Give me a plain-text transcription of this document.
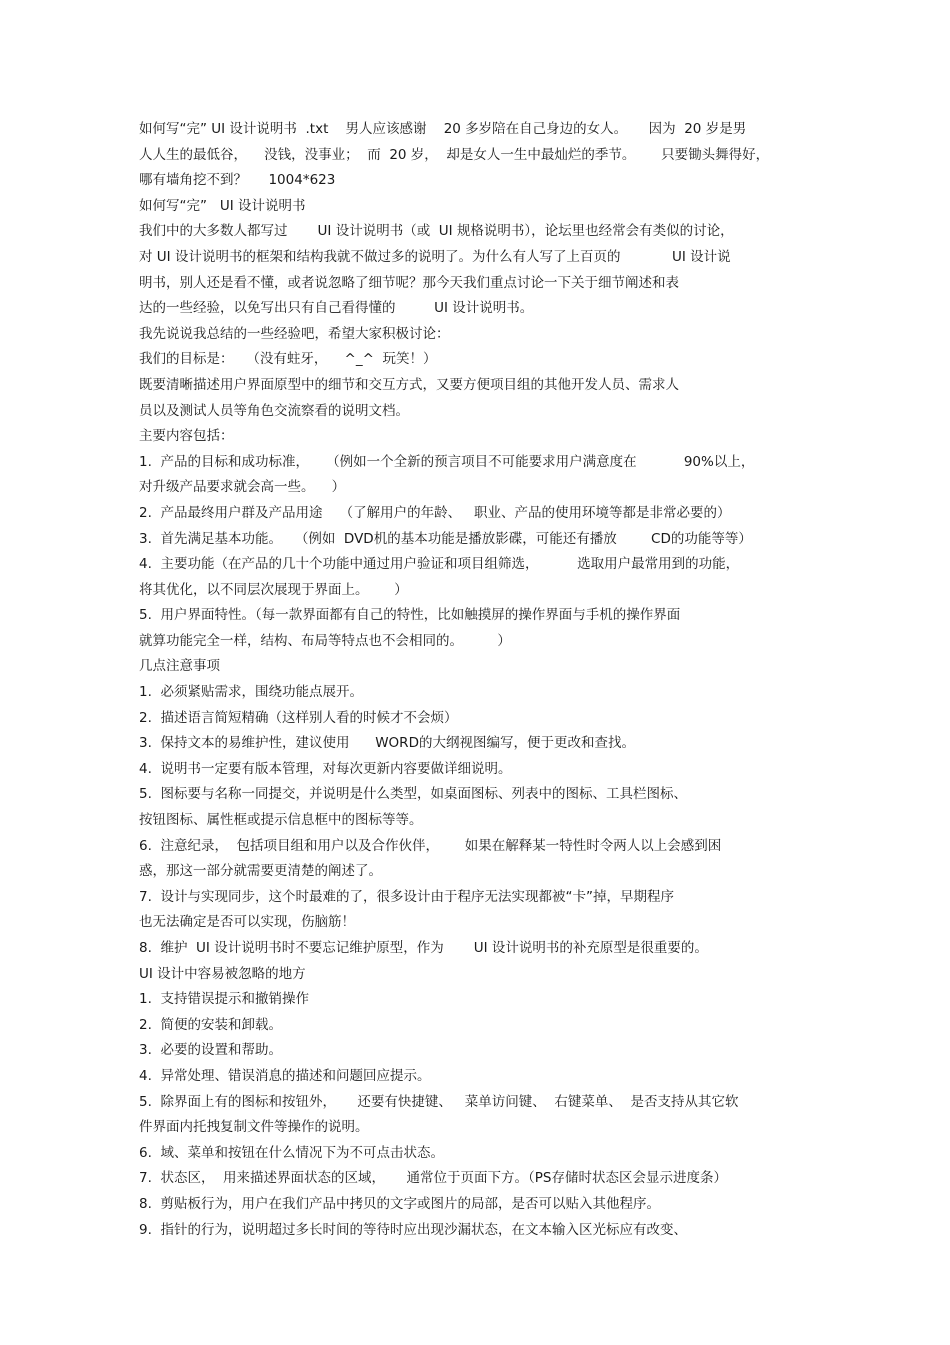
如何写“完” UI 设计说明书  .txt    男人应该感谢    20 多岁陪在自己身边的女人。     因为  20 岁是男
人人生的最低谷，    没钱，没事业；  而  20 岁，  却是女人一生中最灿烂的季节。      只要锄头舞得好，
哪有墙角挖不到？     1004*623
如何写“完”   UI 设计说明书
我们中的大多数人都写过       UI 设计说明书（或  UI 规格说明书），论坛里也经常会有类似的讨论，
对 UI 设计说明书的框架和结构我就不做过多的说明了。为什么有人写了上百页的            UI 设计说
明书，别人还是看不懂，或者说忽略了细节呢？那今天我们重点讨论一下关于细节阐述和表
达的一些经验，以免写出只有自己看得懂的         UI 设计说明书。
我先说说我总结的一些经验吧，希望大家积极讨论：
我们的目标是：   （没有蛀牙，    ^_^  玩笑！）
既要清晰描述用户界面原型中的细节和交互方式，又要方便项目组的其他开发人员、需求人
员以及测试人员等角色交流察看的说明文档。
主要内容包括：
1.  产品的目标和成功标准，    （例如一个全新的预言项目不可能要求用户满意度在           90%以上，
对升级产品要求就会高一些。    ）
2.  产品最终用户群及产品用途    （了解用户的年龄、   职业、产品的使用环境等都是非常必要的）
3.  首先满足基本功能。   （例如  DVD机的基本功能是播放影碟，可能还有播放        CD的功能等等）
4.  主要功能（在产品的几十个功能中通过用户验证和项目组筛选，         选取用户最常用到的功能，
将其优化，以不同层次展现于界面上。      ）
5.  用户界面特性。（每一款界面都有自己的特性，比如触摸屏的操作界面与手机的操作界面
就算功能完全一样，结构、布局等特点也不会相同的。        ）
几点注意事项
1.  必须紧贴需求，围绕功能点展开。
2.  描述语言简短精确（这样别人看的时候才不会烦）
3.  保持文本的易维护性，建议使用      WORD的大纲视图编写，便于更改和查找。
4.  说明书一定要有版本管理，对每次更新内容要做详细说明。
5.  图标要与名称一同提交，并说明是什么类型，如桌面图标、列表中的图标、工具栏图标、
按钮图标、属性框或提示信息框中的图标等等。
6.  注意纪录，  包括项目组和用户以及合作伙伴，      如果在解释某一特性时令两人以上会感到困
惑，那这一部分就需要更清楚的阐述了。
7.  设计与实现同步，这个时最难的了，很多设计由于程序无法实现都被“卡”掉，早期程序
也无法确定是否可以实现，伤脑筋！
8.  维护  UI 设计说明书时不要忘记维护原型，作为       UI 设计说明书的补充原型是很重要的。
UI 设计中容易被忽略的地方
1.  支持错误提示和撤销操作
2.  简便的安装和卸载。
3.  必要的设置和帮助。
4.  异常处理、错误消息的描述和问题回应提示。
5.  除界面上有的图标和按钮外，     还要有快捷键、   菜单访问键、  右键菜单、  是否支持从其它软
件界面内托拽复制文件等操作的说明。
6.  域、菜单和按钮在什么情况下为不可点击状态。
7.  状态区，  用来描述界面状态的区域，     通常位于页面下方。（PS存储时状态区会显示进度条）
8.  剪贴板行为，用户在我们产品中拷贝的文字或图片的局部，是否可以贴入其他程序。
9.  指针的行为，说明超过多长时间的等待时应出现沙漏状态，在文本输入区光标应有改变、
